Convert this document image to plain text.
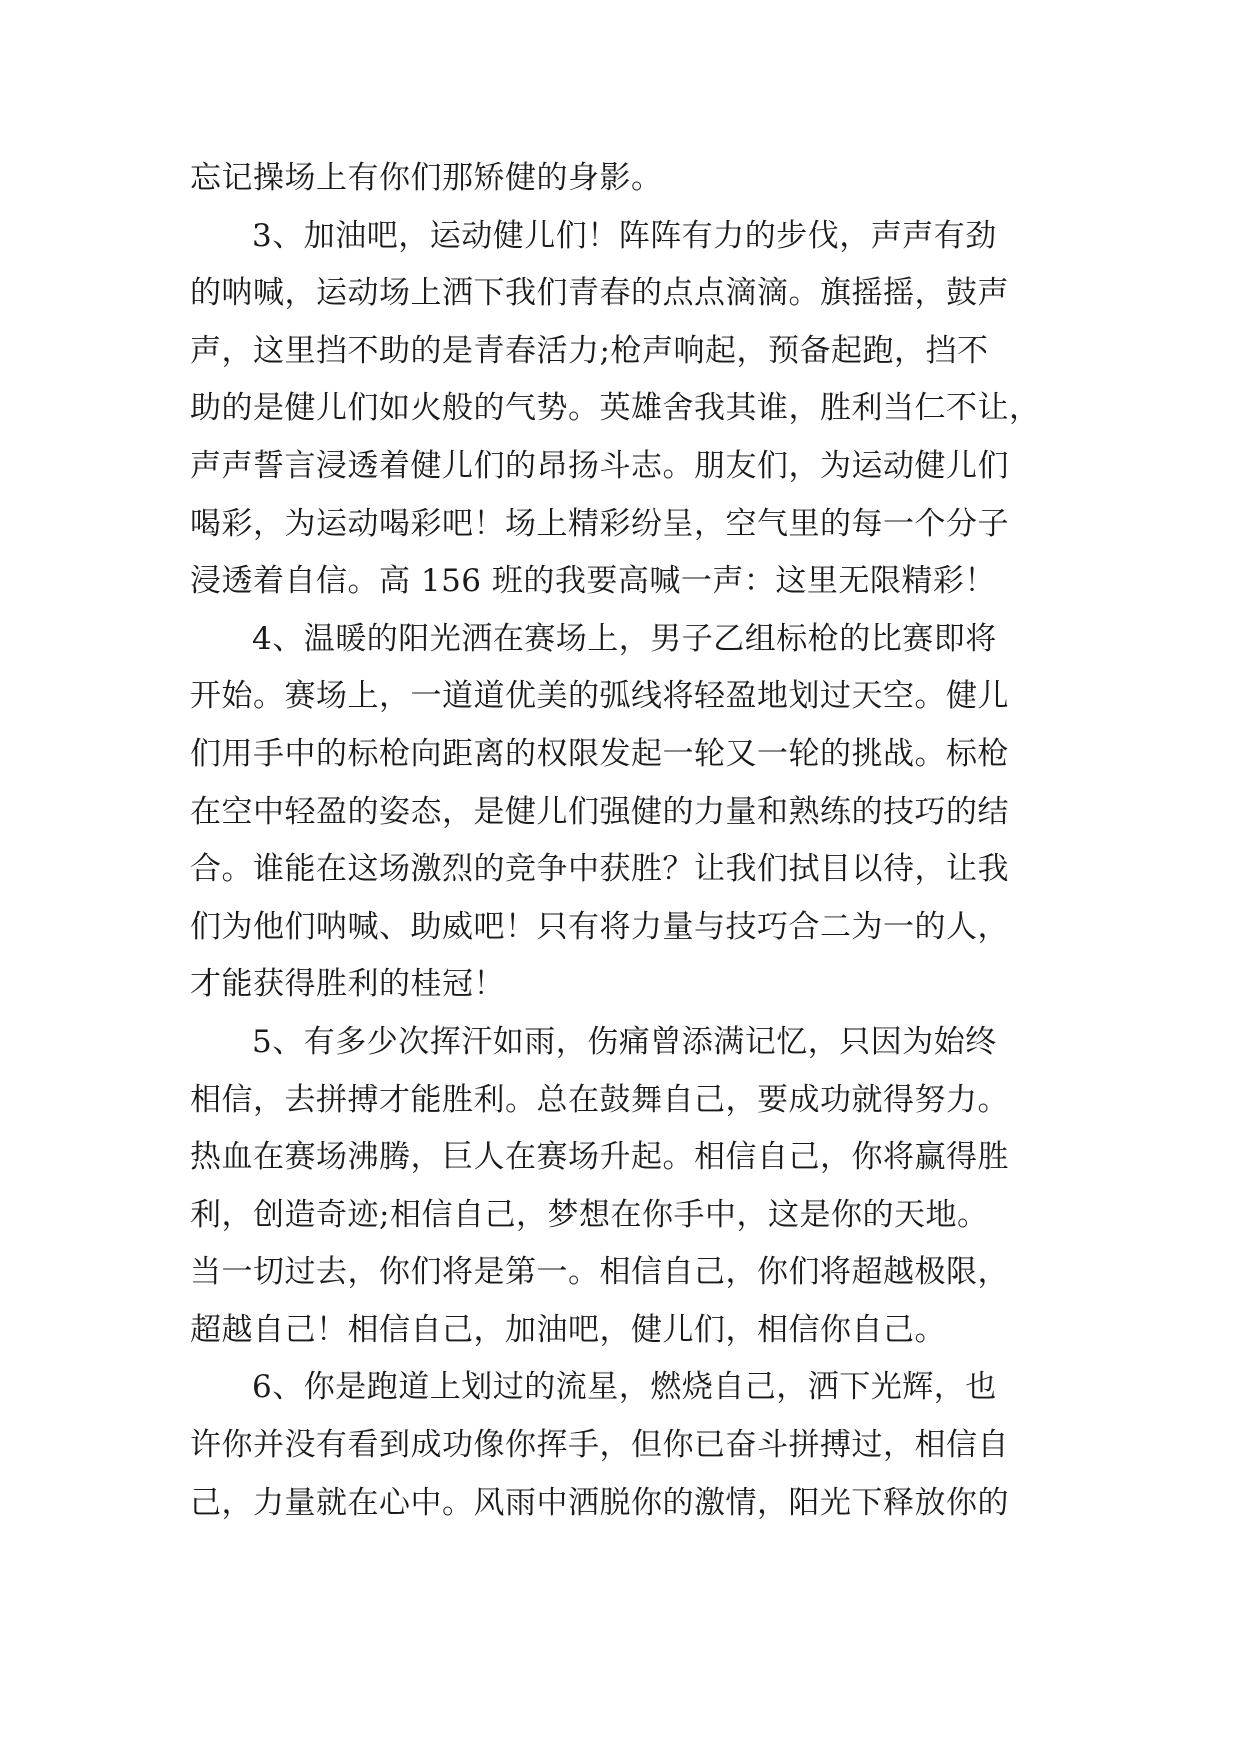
忘记操场上有你们那矫健的身影。
3、加油吧，运动健儿们！阵阵有力的步伐，声声有劲
的呐喊，运动场上洒下我们青春的点点滴滴。旗摇摇，鼓声
声，这里挡不助的是青春活力;枪声响起，预备起跑，挡不
助的是健儿们如火般的气势。英雄舍我其谁，胜利当仁不让，
声声誓言浸透着健儿们的昂扬斗志。朋友们，为运动健儿们
喝彩，为运动喝彩吧！场上精彩纷呈，空气里的每一个分子
浸透着自信。高 156 班的我要高喊一声：这里无限精彩！
4、温暖的阳光洒在赛场上，男子乙组标枪的比赛即将
开始。赛场上，一道道优美的弧线将轻盈地划过天空。健儿
们用手中的标枪向距离的权限发起一轮又一轮的挑战。标枪
在空中轻盈的姿态，是健儿们强健的力量和熟练的技巧的结
合。谁能在这场激烈的竞争中获胜？让我们拭目以待，让我
们为他们呐喊、助威吧！只有将力量与技巧合二为一的人，
才能获得胜利的桂冠！
5、有多少次挥汗如雨，伤痛曾添满记忆，只因为始终
相信，去拼搏才能胜利。总在鼓舞自己，要成功就得努力。
热血在赛场沸腾，巨人在赛场升起。相信自己，你将赢得胜
利，创造奇迹;相信自己，梦想在你手中，这是你的天地。
当一切过去，你们将是第一。相信自己，你们将超越极限，
超越自己！相信自己，加油吧，健儿们，相信你自己。
6、你是跑道上划过的流星，燃烧自己，洒下光辉，也
许你并没有看到成功像你挥手，但你已奋斗拼搏过，相信自
己，力量就在心中。风雨中洒脱你的激情，阳光下释放你的
